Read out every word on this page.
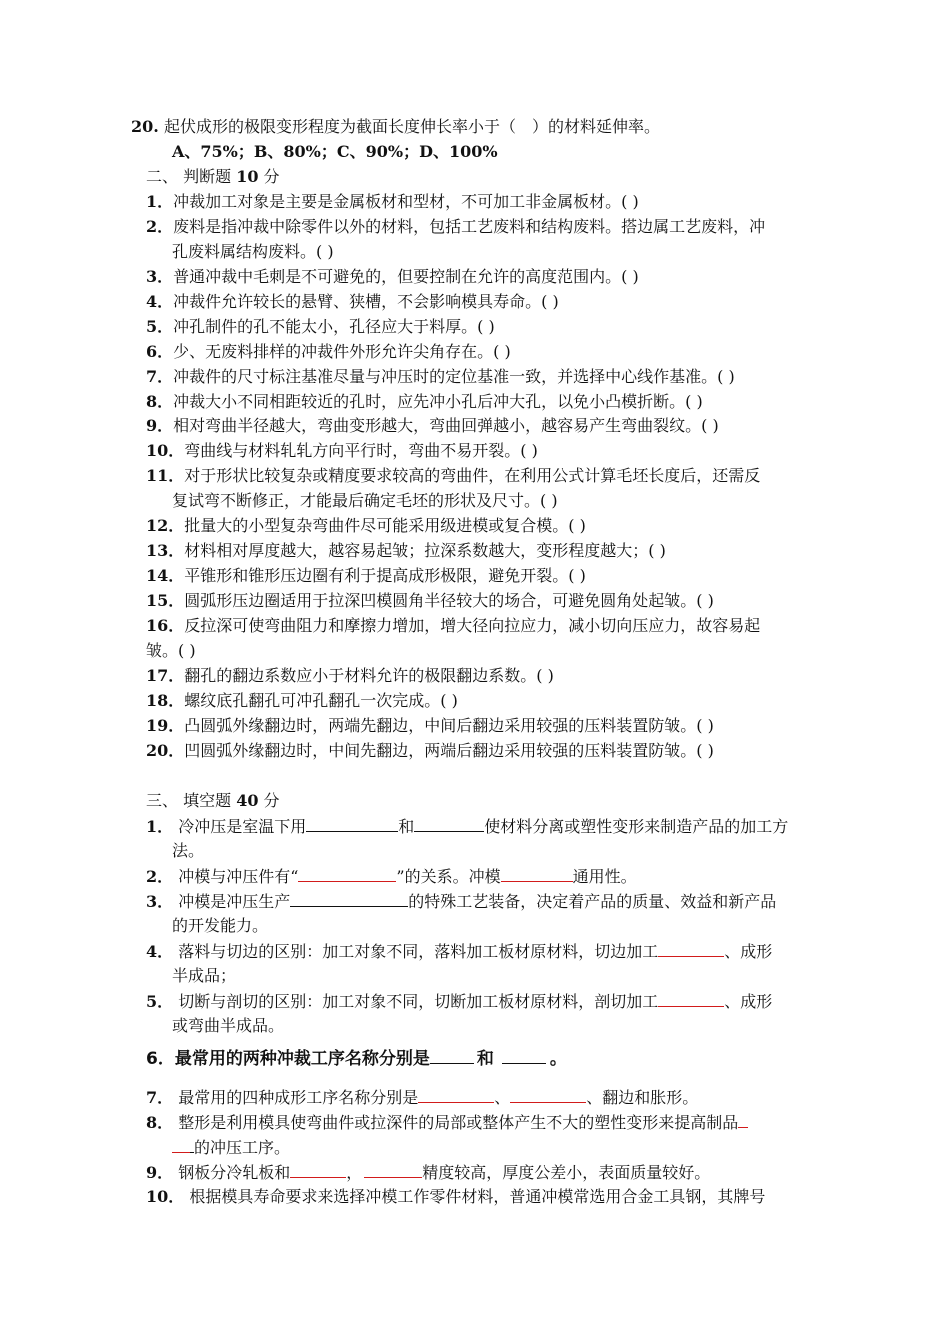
20. 起伏成形的极限变形程度为截面长度伸长率小于（　）的材料延伸率。
A、75%；B、80%；C、90%；D、100%
二、 判断题 10 分
1．冲裁加工对象是主要是金属板材和型材，不可加工非金属板材。( )
2．废料是指冲裁中除零件以外的材料，包括工艺废料和结构废料。搭边属工艺废料，冲
孔废料属结构废料。( )
3．普通冲裁中毛刺是不可避免的，但要控制在允许的高度范围内。( )
4．冲裁件允许较长的悬臂、狭槽，不会影响模具寿命。( )
5．冲孔制件的孔不能太小，孔径应大于料厚。( )
6．少、无废料排样的冲裁件外形允许尖角存在。( )
7．冲裁件的尺寸标注基准尽量与冲压时的定位基准一致，并选择中心线作基准。( )
8．冲裁大小不同相距较近的孔时，应先冲小孔后冲大孔，以免小凸模折断。( )
9．相对弯曲半径越大，弯曲变形越大，弯曲回弹越小，越容易产生弯曲裂纹。( )
10．弯曲线与材料轧轧方向平行时，弯曲不易开裂。( )
11．对于形状比较复杂或精度要求较高的弯曲件，在利用公式计算毛坯长度后，还需反
复试弯不断修正，才能最后确定毛坯的形状及尺寸。( )
12．批量大的小型复杂弯曲件尽可能采用级进模或复合模。( )
13．材料相对厚度越大，越容易起皱；拉深系数越大，变形程度越大；( )
14．平锥形和锥形压边圈有利于提高成形极限，避免开裂。( )
15．圆弧形压边圈适用于拉深凹模圆角半径较大的场合，可避免圆角处起皱。( )
16．反拉深可使弯曲阻力和摩擦力增加，增大径向拉应力，减小切向压应力，故容易起
皱。( )
17．翻孔的翻边系数应小于材料允许的极限翻边系数。( )
18．螺纹底孔翻孔可冲孔翻孔一次完成。( )
19．凸圆弧外缘翻边时，两端先翻边，中间后翻边采用较强的压料装置防皱。( )
20．凹圆弧外缘翻边时，中间先翻边，两端后翻边采用较强的压料装置防皱。( )
三、 填空题 40 分
1． 冷冲压是室温下用	和	使材料分离或塑性变形来制造产品的加工方
法。
2． 冲模与冲压件有“	”的关系。冲模	通用性。
3． 冲模是冲压生产	的特殊工艺装备，决定着产品的质量、效益和新产品
的开发能力。
4． 落料与切边的区别：加工对象不同，落料加工板材原材料，切边加工	、成形
半成品；
5． 切断与剖切的区别：加工对象不同，切断加工板材原材料，剖切加工	、成形
或弯曲半成品。
6．最常用的两种冲裁工序名称分别是	和	。
7． 最常用的四种成形工序名称分别是	、	、翻边和胀形。
8． 整形是利用模具使弯曲件或拉深件的局部或整体产生不大的塑性变形来提高制品
的冲压工序。
9． 钢板分冷轧板和	，	精度较高，厚度公差小，表面质量较好。
10． 根据模具寿命要求来选择冲模工作零件材料，普通冲模常选用合金工具钢，其牌号
